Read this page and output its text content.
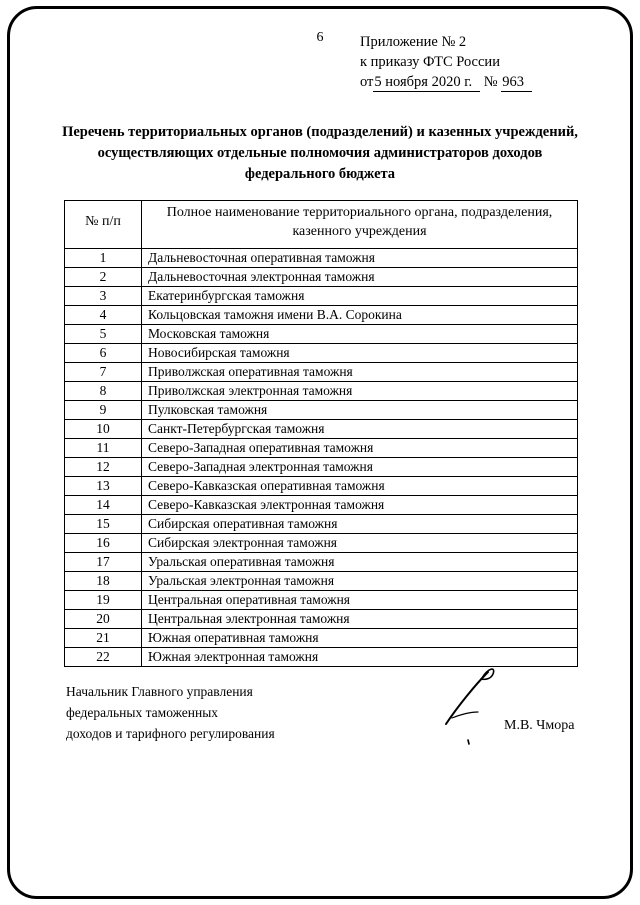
6	Приложение № 2
к приказу ФТС России
от5 ноября 2020 г. № 963
Перечень территориальных органов (подразделений) и казенных учреждений, осуществляющих отдельные полномочия администраторов доходов федерального бюджета
№ п/п	Полное наименование территориального органа, подразделения, казенного учреждения
1	Дальневосточная оперативная таможня
2	Дальневосточная электронная таможня
3	Екатеринбургская таможня
4	Кольцовская таможня имени В.А. Сорокина
5	Московская таможня
6	Новосибирская таможня
7	Приволжская оперативная таможня
8	Приволжская электронная таможня
9	Пулковская таможня
10	Санкт-Петербургская таможня
11	Северо-Западная оперативная таможня
12	Северо-Западная электронная таможня
13	Северо-Кавказская оперативная таможня
14	Северо-Кавказская электронная таможня
15	Сибирская оперативная таможня
16	Сибирская электронная таможня
17	Уральская оперативная таможня
18	Уральская электронная таможня
19	Центральная оперативная таможня
20	Центральная электронная таможня
21	Южная оперативная таможня
22	Южная электронная таможня
Начальник Главного управления
федеральных таможенных
доходов и тарифного регулирования
М.В. Чмора
